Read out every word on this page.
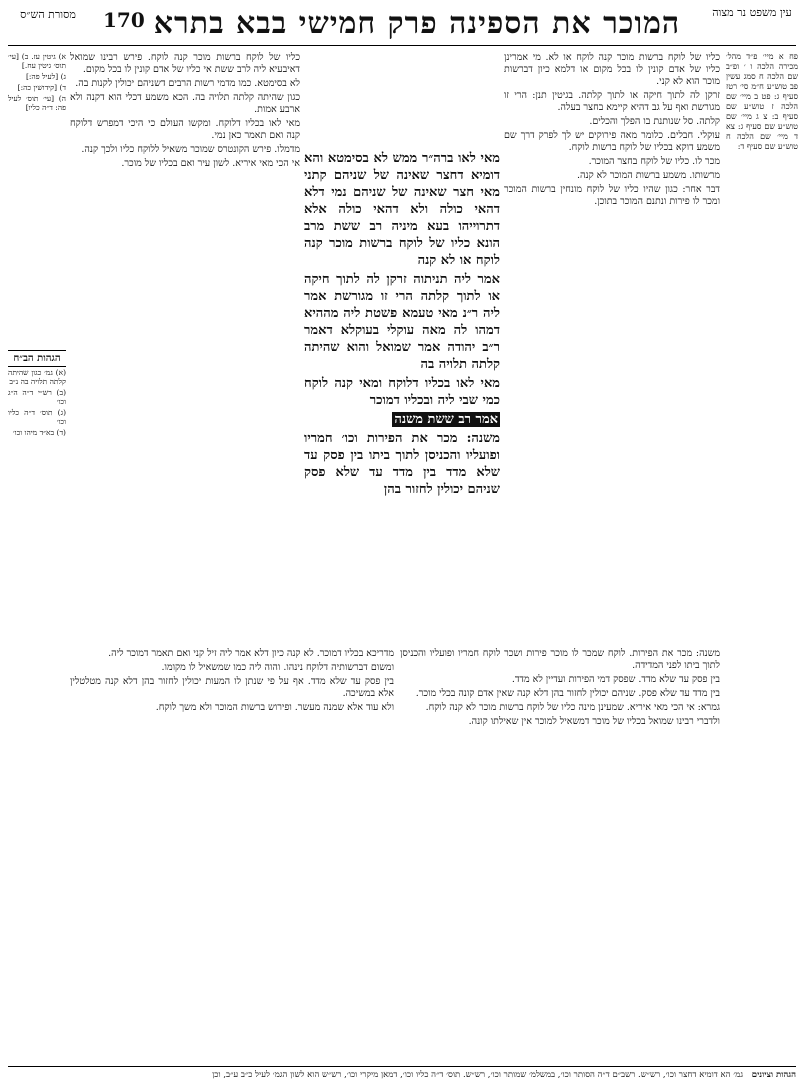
עין משפט נר מצוה
המוכר את הספינה פרק חמישי בבא בתרא
170
מסורת הש״ס
פח א מיי׳ פ״ד מהל׳ מכירה הלכה ו ׳ ופ״ב שם הלכה ח סמג עשין פב טוש״ע ח״מ סי׳ רטז סעיף ג: פט ב מיי׳ שם הלכה ז טוש״ע שם סעיף ב: צ ג מיי׳ שם טוש״ע שם סעיף ג: צא ד מיי׳ שם הלכה ח טוש״ע שם סעיף ד:

כליו של לוקח ברשות מוכר קנה לוקח או לא. מי אמרינן כליו של אדם קונין לו בכל מקום או דלמא כיון דברשות מוכר הוא לא קני.

זרקן לה לתוך חיקה או לתוך קלתה. בגיטין תנן: הרי זו מגורשת ואף על גב דהיא קיימא בחצר בעלה.

קלתה. סל שנותנת בו הפלך והכלים.

עוקלי. חבלים. כלומר מאה פירוקים יש לך לפרק דרך שם משמע דוקא בכליו של לוקח ברשות לוקח.

מכר לו. כליו של לוקח בחצר המוכר.

מרשותו. משמע ברשות המוכר לא קנה.

דבר אחר: כגון שהיו כליו של לוקח מונחין ברשות המוכר ומכר לו פירות ונתנם המוכר בתוכן.

מאי לאו ברה״ר ממש לא בסימטא והא דומיא דחצר שאינה של שניהם קתני מאי חצר שאינה של שניהם נמי דלא דהאי כולה ולא דהאי כולה אלא דתרוייהו בעא מיניה רב ששת מרב הונא כליו של לוקח ברשות מוכר קנה לוקח או לא קנה

אמר ליה תניתוה זרקן לה לתוך חיקה או לתוך קלתה הרי זו מגורשת אמר ליה ר״נ מאי טעמא פשטת ליה מההיא דמהו לה מאה עוקלי בעוקלא דאמר ר״ב יהודה אמר שמואל והוא שהיתה קלתה תלויה בה

מאי לאו בכליו דלוקח ומאי קנה לוקח כמי שבי ליה ובכליו דמוכר

אמר רב ששת משנה

משנה: מכר את הפירות וכו׳ חמריו ופועליו והכניסן לתוך ביתו בין פסק עד שלא מדד בין מדד עד שלא פסק שניהם יכולין לחזור בהן

כליו של לוקח ברשות מוכר קנה לוקח. פירש רבינו שמואל דאיבעיא ליה לרב ששת אי כליו של אדם קונין לו בכל מקום.

לא בסימטא. כמו מדמי רשות הרבים דשניהם יכולין לקנות בה.

כגון שהיתה קלתה תלויה בה. הכא משמע דכלי הוא דקנה ולא ארבע אמות.

מאי לאו בכליו דלוקח. ומקשו העולם כי היכי דמפרש דלוקח קנה ואם תאמר כאן נמי.

מדמלו. פירש הקונטרס שמוכר משאיל ללוקח כליו ולכך קנה.

אי הכי מאי איריא. לשון עיר ואם בכליו של מוכר.

א) גיטין עז. ב) [עי׳ תוס׳ גיטין עח.]

ג) [לעיל פה:]

ד) [קידושין כה:]

ה) [עי׳ תוס׳ לעיל פה: ד״ה כליו]

הגהות הב״ח

(א) גמ׳ כגון שהיתה קלתה תלויה בה נ״ב

(ב) רש״י ד״ה ה״ג וכו׳

(ג) תוס׳ ד״ה כליו וכו׳

(ד) בא״ד מיהו וכו׳

משנה: מכר את הפירות. לוקח שמכר לו מוכר פירות ושכר לוקח חמריו ופועליו והכניסן לתוך ביתו לפני המדידה.

בין פסק עד שלא מדד. שפסק דמי הפירות ועדיין לא מדד.

בין מדד עד שלא פסק. שניהם יכולין לחזור בהן דלא קנה שאין אדם קונה בכלי מוכר.

גמרא: אי הכי מאי איריא. שמעינן מינה כליו של לוקח ברשות מוכר לא קנה לוקח.

ולדברי רבינו שמואל בכליו של מוכר דמשאיל למוכר אין שאילתו קונה.

מדריכא בכליו דמוכר. לא קנה כיון דלא אמר ליה זיל קני ואם תאמר דמוכר ליה.

ומשום דברשותיה דלוקח נינהו. והוה ליה כמו שמשאיל לו מקומו.

בין פסק עד שלא מדד. אף על פי שנתן לו המעות יכולין לחזור בהן דלא קנה מטלטלין אלא במשיכה.

ולא עוד אלא שמנה מעשר. ופירוש ברשות המוכר ולא משך לוקח.

הגהות וציונים גמ׳ הא דומיא דחצר וכו׳, רש״ש. רשב״ם ד״ה הסותר וכו׳, במשלמ׳ שמותר וכו׳, רש״ש. תוס׳ ד״ה כליו וכו׳, דמאן מיקרי וכו׳, רש״ש הוא לשון הגמ׳ לעיל כ״ב ע״ב, וכן
